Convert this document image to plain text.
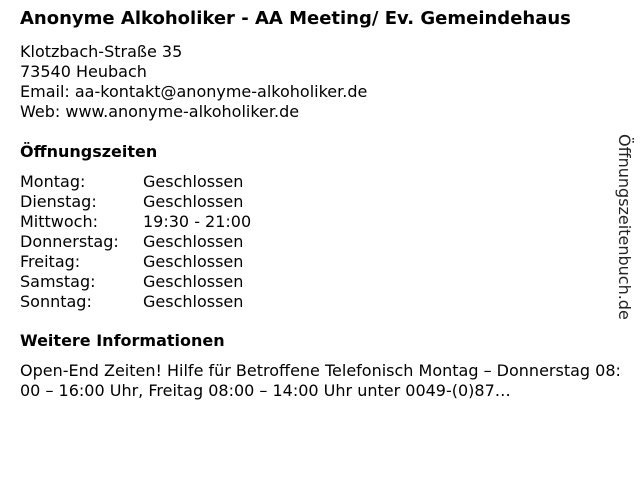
Anonyme Alkoholiker - AA Meeting/ Ev. Gemeindehaus
Klotzbach-Straße 35
73540 Heubach
Email: aa-kontakt@anonyme-alkoholiker.de
Web: www.anonyme-alkoholiker.de
Öffnungszeiten
Montag:	Geschlossen
Dienstag:	Geschlossen
Mittwoch:	19:30 - 21:00
Donnerstag:	Geschlossen
Freitag:	Geschlossen
Samstag:	Geschlossen
Sonntag:	Geschlossen
Weitere Informationen
Open-End Zeiten! Hilfe für Betroffene Telefonisch Montag – Donnerstag 08:00 – 16:00 Uhr, Freitag 08:00 – 14:00 Uhr unter 0049-(0)87…
Öffnungszeitenbuch.de
